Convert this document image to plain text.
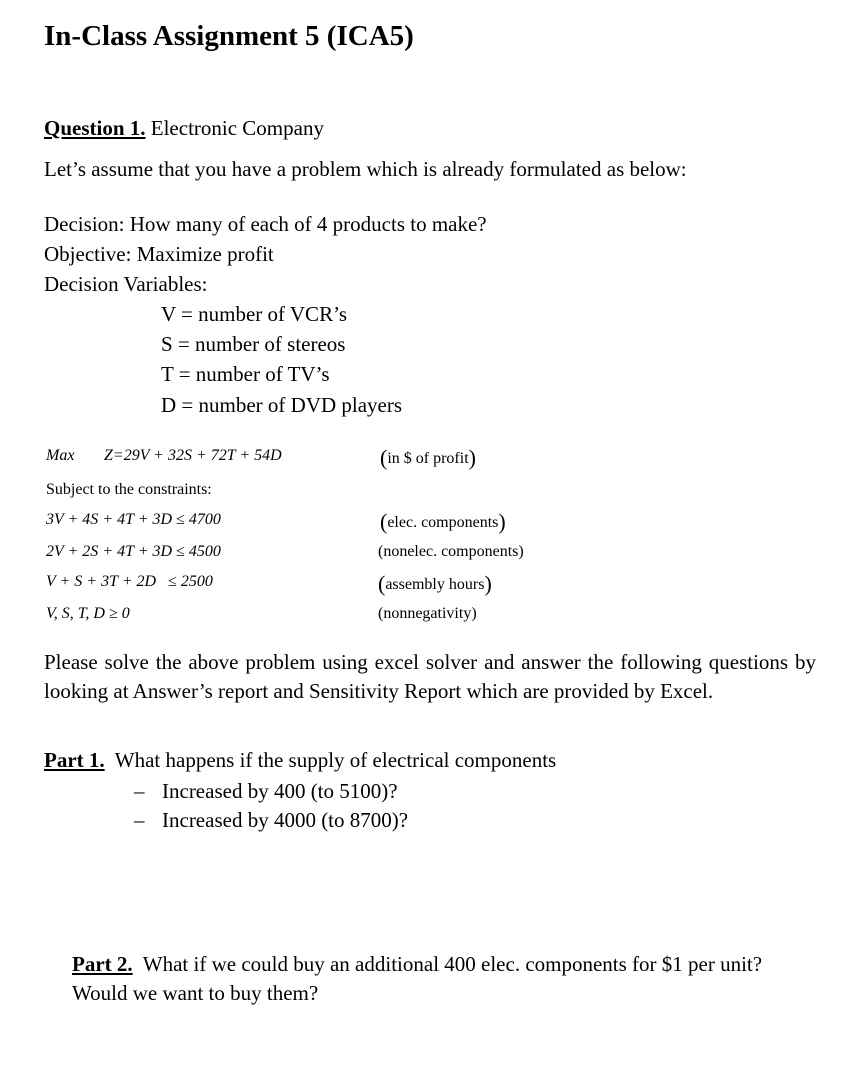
In-Class Assignment 5 (ICA5)
Question 1. Electronic Company
Let’s assume that you have a problem which is already formulated as below:
Decision: How many of each of 4 products to make?
Objective: Maximize profit
Decision Variables:
V = number of VCR’s
S = number of stereos
T = number of TV’s
D = number of DVD players
Max Z=29V + 32S + 72T + 54D	(in $ of profit)
Subject to the constraints:
3V + 4S + 4T + 3D ≤ 4700	(elec. components)
2V + 2S + 4T + 3D ≤ 4500	(nonelec. components)
V + S + 3T + 2D   ≤ 2500	(assembly hours)
V, S, T, D ≥ 0	(nonnegativity)
Please solve the above problem using excel solver and answer the following questions by looking at Answer’s report and Sensitivity Report which are provided by Excel.
Part 1.  What happens if the supply of electrical components
– Increased by 400 (to 5100)?
– Increased by 4000 (to 8700)?
Part 2.  What if we could buy an additional 400 elec. components for $1 per unit?  Would we want to buy them?
